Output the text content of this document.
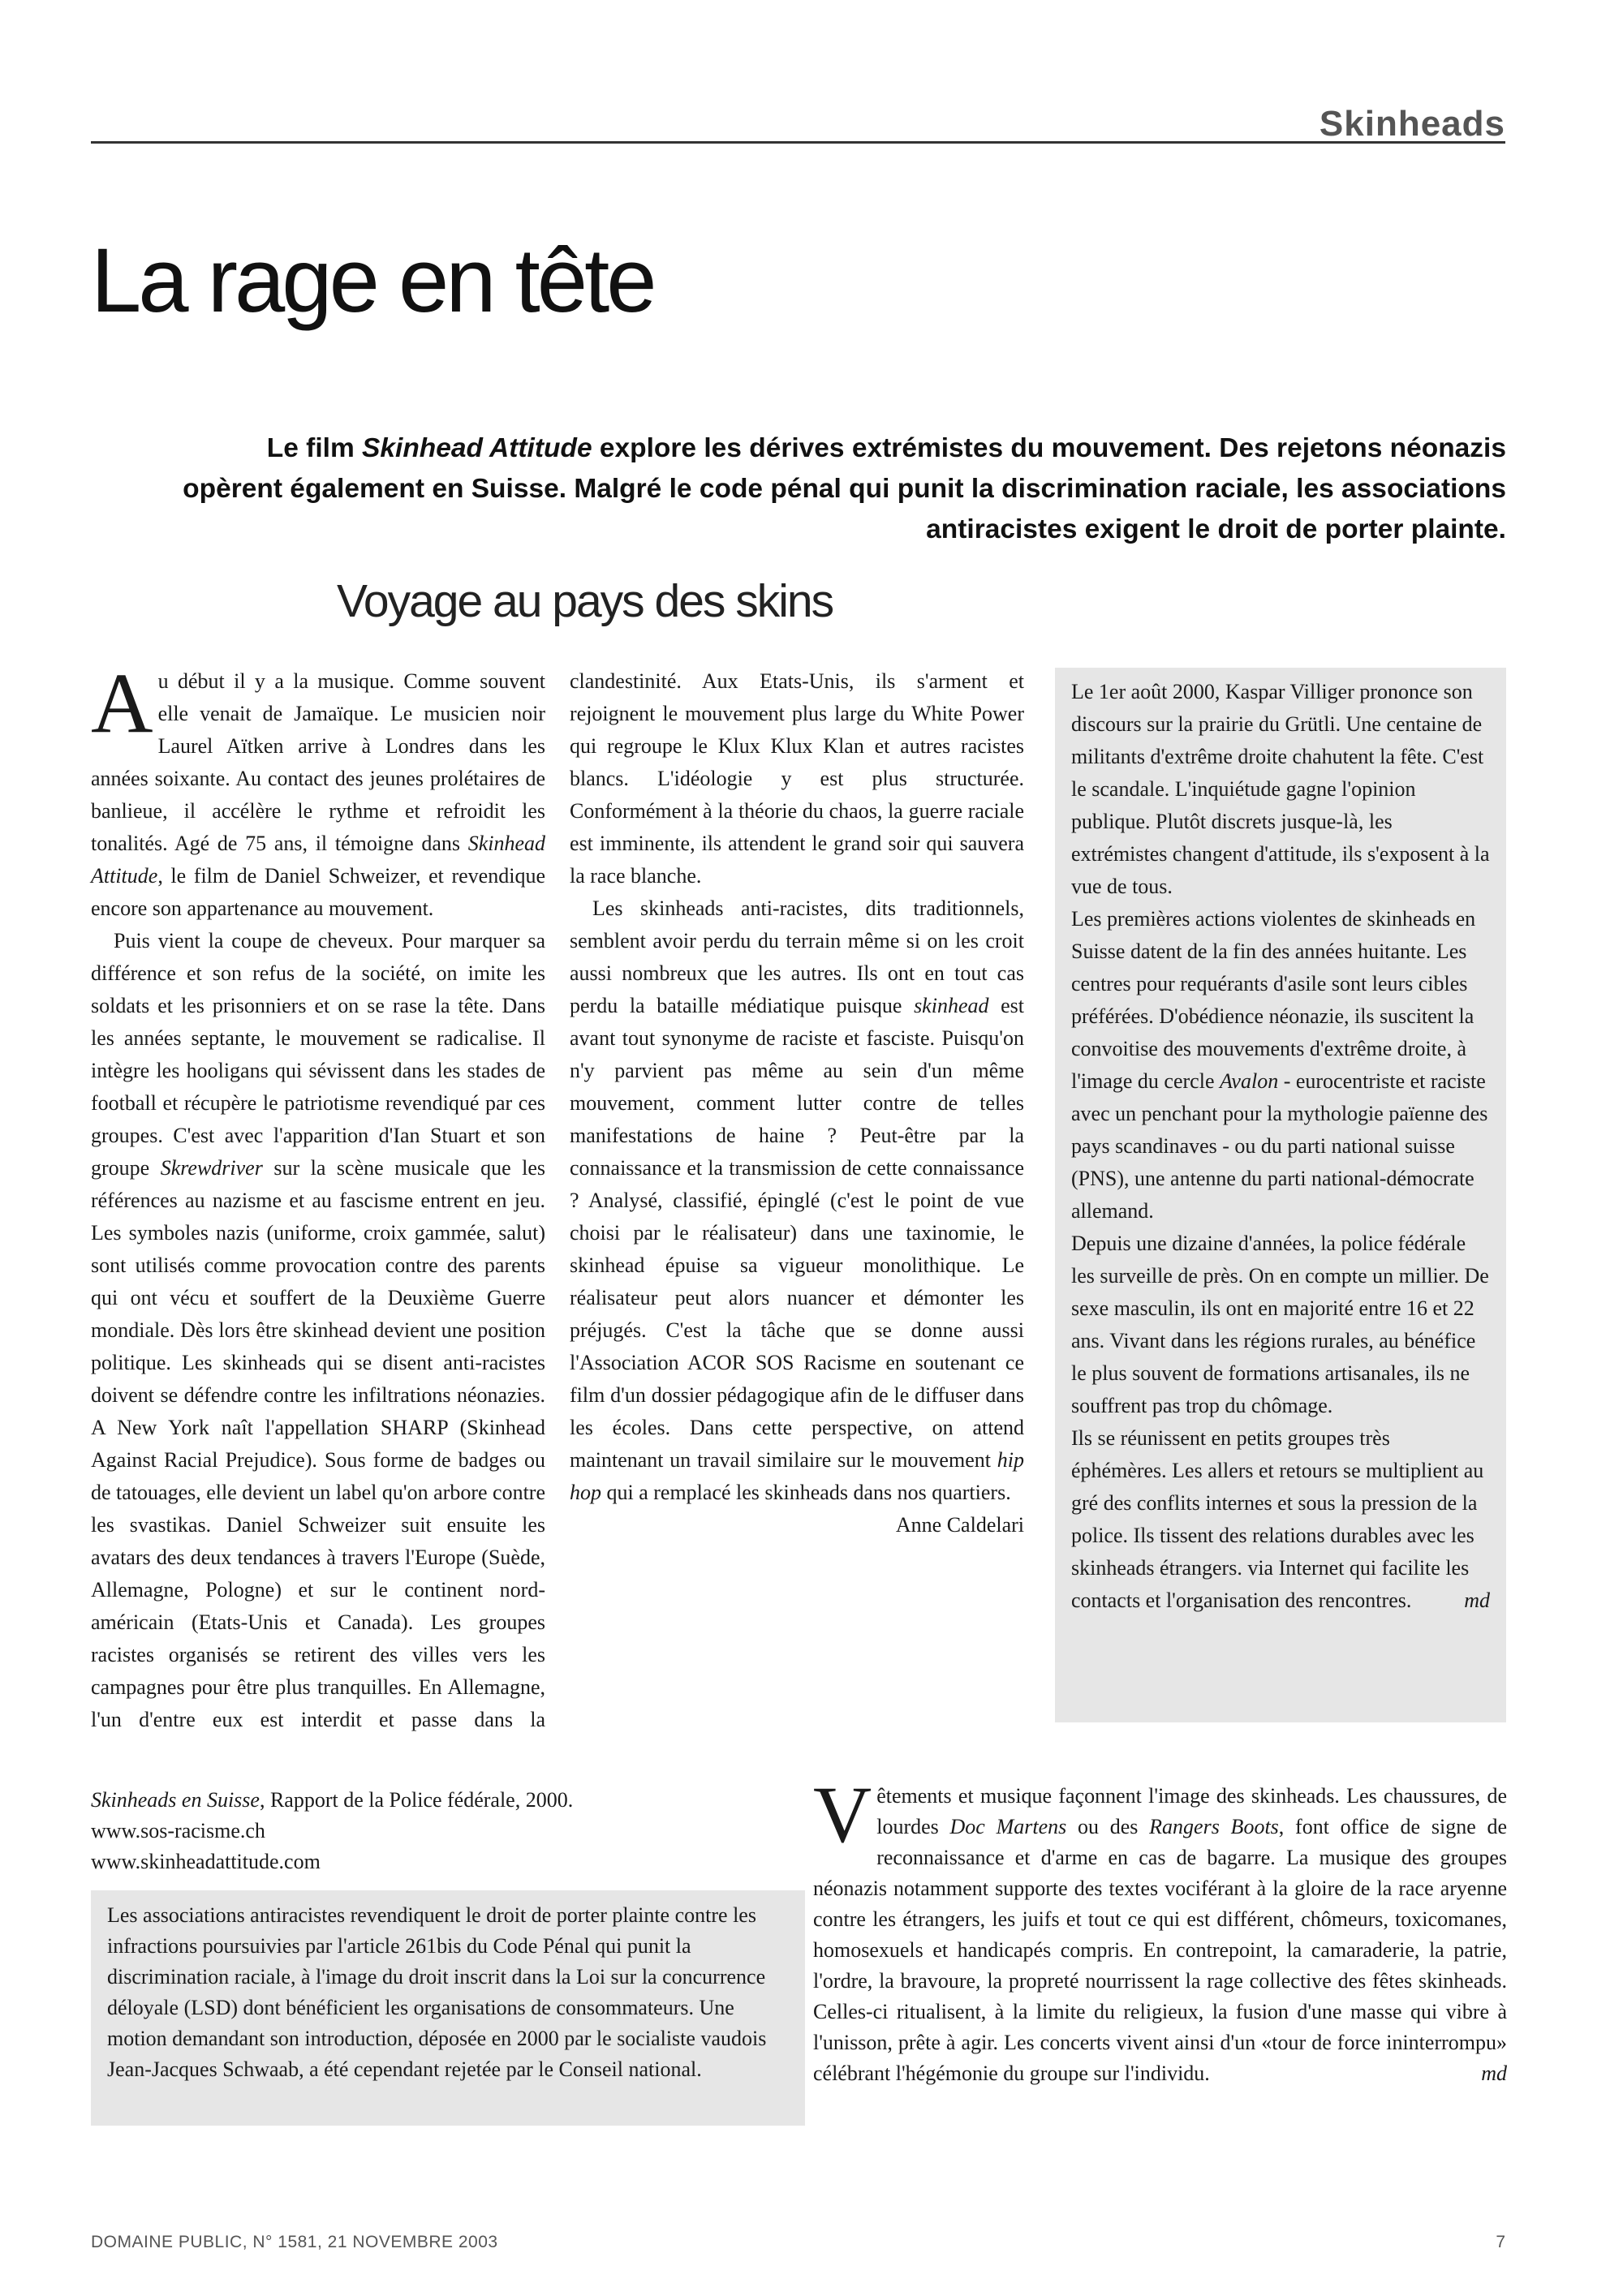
Skinheads
La rage en tête

Le film Skinhead Attitude explore les dérives extrémistes du mouvement. Des rejetons néonazis opèrent également en Suisse. Malgré le code pénal qui punit la discrimination raciale, les associations antiracistes exigent le droit de porter plainte.

Voyage au pays des skins

Au début il y a la musique. Comme souvent elle venait de Jamaïque. Le musicien noir Laurel Aïtken arrive à Londres dans les années soixante. Au contact des jeunes prolétaires de banlieue, il accélère le rythme et refroidit les tonalités. Agé de 75 ans, il témoigne dans Skinhead Attitude, le film de Daniel Schweizer, et revendique encore son appartenance au mouvement.

Puis vient la coupe de cheveux. Pour marquer sa différence et son refus de la société, on imite les soldats et les prisonniers et on se rase la tête. Dans les années septante, le mouvement se radicalise. Il intègre les hooligans qui sévissent dans les stades de football et récupère le patriotisme revendiqué par ces groupes. C'est avec l'apparition d'Ian Stuart et son groupe Skrewdriver sur la scène musicale que les références au nazisme et au fascisme entrent en jeu. Les symboles nazis (uniforme, croix gammée, salut) sont utilisés comme provocation contre des parents qui ont vécu et souffert de la Deuxième Guerre mondiale. Dès lors être skinhead devient une position politique. Les skinheads qui se disent anti-racistes doivent se défendre contre les infiltrations néonazies. A New York naît l'appellation SHARP (Skinhead Against Racial Prejudice). Sous forme de badges ou de tatouages, elle devient un label qu'on arbore contre les svastikas. Daniel Schweizer suit ensuite les avatars des deux tendances à travers l'Europe (Suède, Allemagne, Pologne) et sur le continent nord-américain (Etats-Unis et Canada). Les groupes racistes organisés se retirent des villes vers les campagnes pour être plus tranquilles. En Allemagne, l'un d'entre eux est interdit et passe dans la clandestinité. Aux Etats-Unis, ils s'arment et rejoignent le mouvement plus large du White Power qui regroupe le Klux Klux Klan et autres racistes blancs. L'idéologie y est plus structurée. Conformément à la théorie du chaos, la guerre raciale est imminente, ils attendent le grand soir qui sauvera la race blanche.

Les skinheads anti-racistes, dits traditionnels, semblent avoir perdu du terrain même si on les croit aussi nombreux que les autres. Ils ont en tout cas perdu la bataille médiatique puisque skinhead est avant tout synonyme de raciste et fasciste. Puisqu'on n'y parvient pas même au sein d'un même mouvement, comment lutter contre de telles manifestations de haine ? Peut-être par la connaissance et la transmission de cette connaissance ? Analysé, classifié, épinglé (c'est le point de vue choisi par le réalisateur) dans une taxinomie, le skinhead épuise sa vigueur monolithique. Le réalisateur peut alors nuancer et démonter les préjugés. C'est la tâche que se donne aussi l'Association ACOR SOS Racisme en soutenant ce film d'un dossier pédagogique afin de le diffuser dans les écoles. Dans cette perspective, on attend maintenant un travail similaire sur le mouvement hip hop qui a remplacé les skinheads dans nos quartiers.

Anne Caldelari

Le 1er août 2000, Kaspar Villiger prononce son discours sur la prairie du Grütli. Une centaine de militants d'extrême droite chahutent la fête. C'est le scandale. L'inquiétude gagne l'opinion publique. Plutôt discrets jusque-là, les extrémistes changent d'attitude, ils s'exposent à la vue de tous.

Les premières actions violentes de skinheads en Suisse datent de la fin des années huitante. Les centres pour requérants d'asile sont leurs cibles préférées. D'obédience néonazie, ils suscitent la convoitise des mouvements d'extrême droite, à l'image du cercle Avalon - eurocentriste et raciste avec un penchant pour la mythologie païenne des pays scandinaves - ou du parti national suisse (PNS), une antenne du parti national-démocrate allemand.

Depuis une dizaine d'années, la police fédérale les surveille de près. On en compte un millier. De sexe masculin, ils ont en majorité entre 16 et 22 ans. Vivant dans les régions rurales, au bénéfice le plus souvent de formations artisanales, ils ne souffrent pas trop du chômage.

Ils se réunissent en petits groupes très éphémères. Les allers et retours se multiplient au gré des conflits internes et sous la pression de la police. Ils tissent des relations durables avec les skinheads étrangers. via Internet qui facilite les contacts et l'organisation des rencontres. md

Skinheads en Suisse, Rapport de la Police fédérale, 2000.
www.sos-racisme.ch
www.skinheadattitude.com

Les associations antiracistes revendiquent le droit de porter plainte contre les infractions poursuivies par l'article 261bis du Code Pénal qui punit la discrimination raciale, à l'image du droit inscrit dans la Loi sur la concurrence déloyale (LSD) dont bénéficient les organisations de consommateurs. Une motion demandant son introduction, déposée en 2000 par le socialiste vaudois Jean-Jacques Schwaab, a été cependant rejetée par le Conseil national.

Vêtements et musique façonnent l'image des skinheads. Les chaussures, de lourdes Doc Martens ou des Rangers Boots, font office de signe de reconnaissance et d'arme en cas de bagarre. La musique des groupes néonazis notamment supporte des textes vociférant à la gloire de la race aryenne contre les étrangers, les juifs et tout ce qui est différent, chômeurs, toxicomanes, homosexuels et handicapés compris. En contrepoint, la camaraderie, la patrie, l'ordre, la bravoure, la propreté nourrissent la rage collective des fêtes skinheads. Celles-ci ritualisent, à la limite du religieux, la fusion d'une masse qui vibre à l'unisson, prête à agir. Les concerts vivent ainsi d'un «tour de force ininterrompu» célébrant l'hégémonie du groupe sur l'individu.	md

DOMAINE PUBLIC, N° 1581, 21 NOVEMBRE 2003	7
